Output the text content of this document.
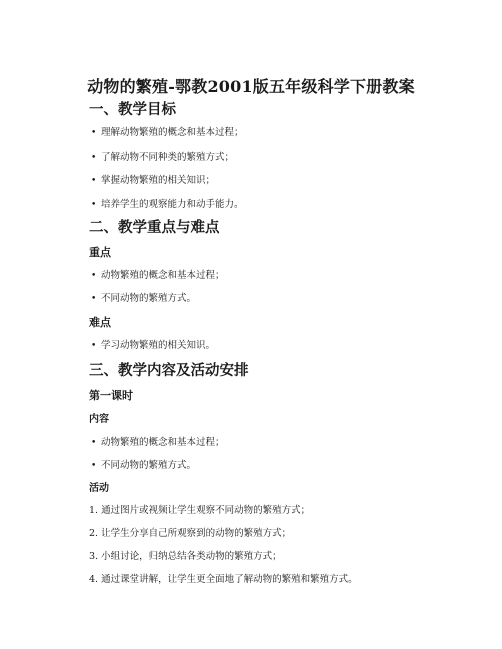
动物的繁殖-鄂教2001版五年级科学下册教案
一、教学目标
• 理解动物繁殖的概念和基本过程；
• 了解动物不同种类的繁殖方式；
• 掌握动物繁殖的相关知识；
• 培养学生的观察能力和动手能力。
二、教学重点与难点
重点
• 动物繁殖的概念和基本过程；
• 不同动物的繁殖方式。
难点
• 学习动物繁殖的相关知识。
三、教学内容及活动安排
第一课时
内容
• 动物繁殖的概念和基本过程；
• 不同动物的繁殖方式。
活动
1. 通过图片或视频让学生观察不同动物的繁殖方式；
2. 让学生分享自己所观察到的动物的繁殖方式；
3. 小组讨论，归纳总结各类动物的繁殖方式；
4. 通过课堂讲解，让学生更全面地了解动物的繁殖和繁殖方式。
